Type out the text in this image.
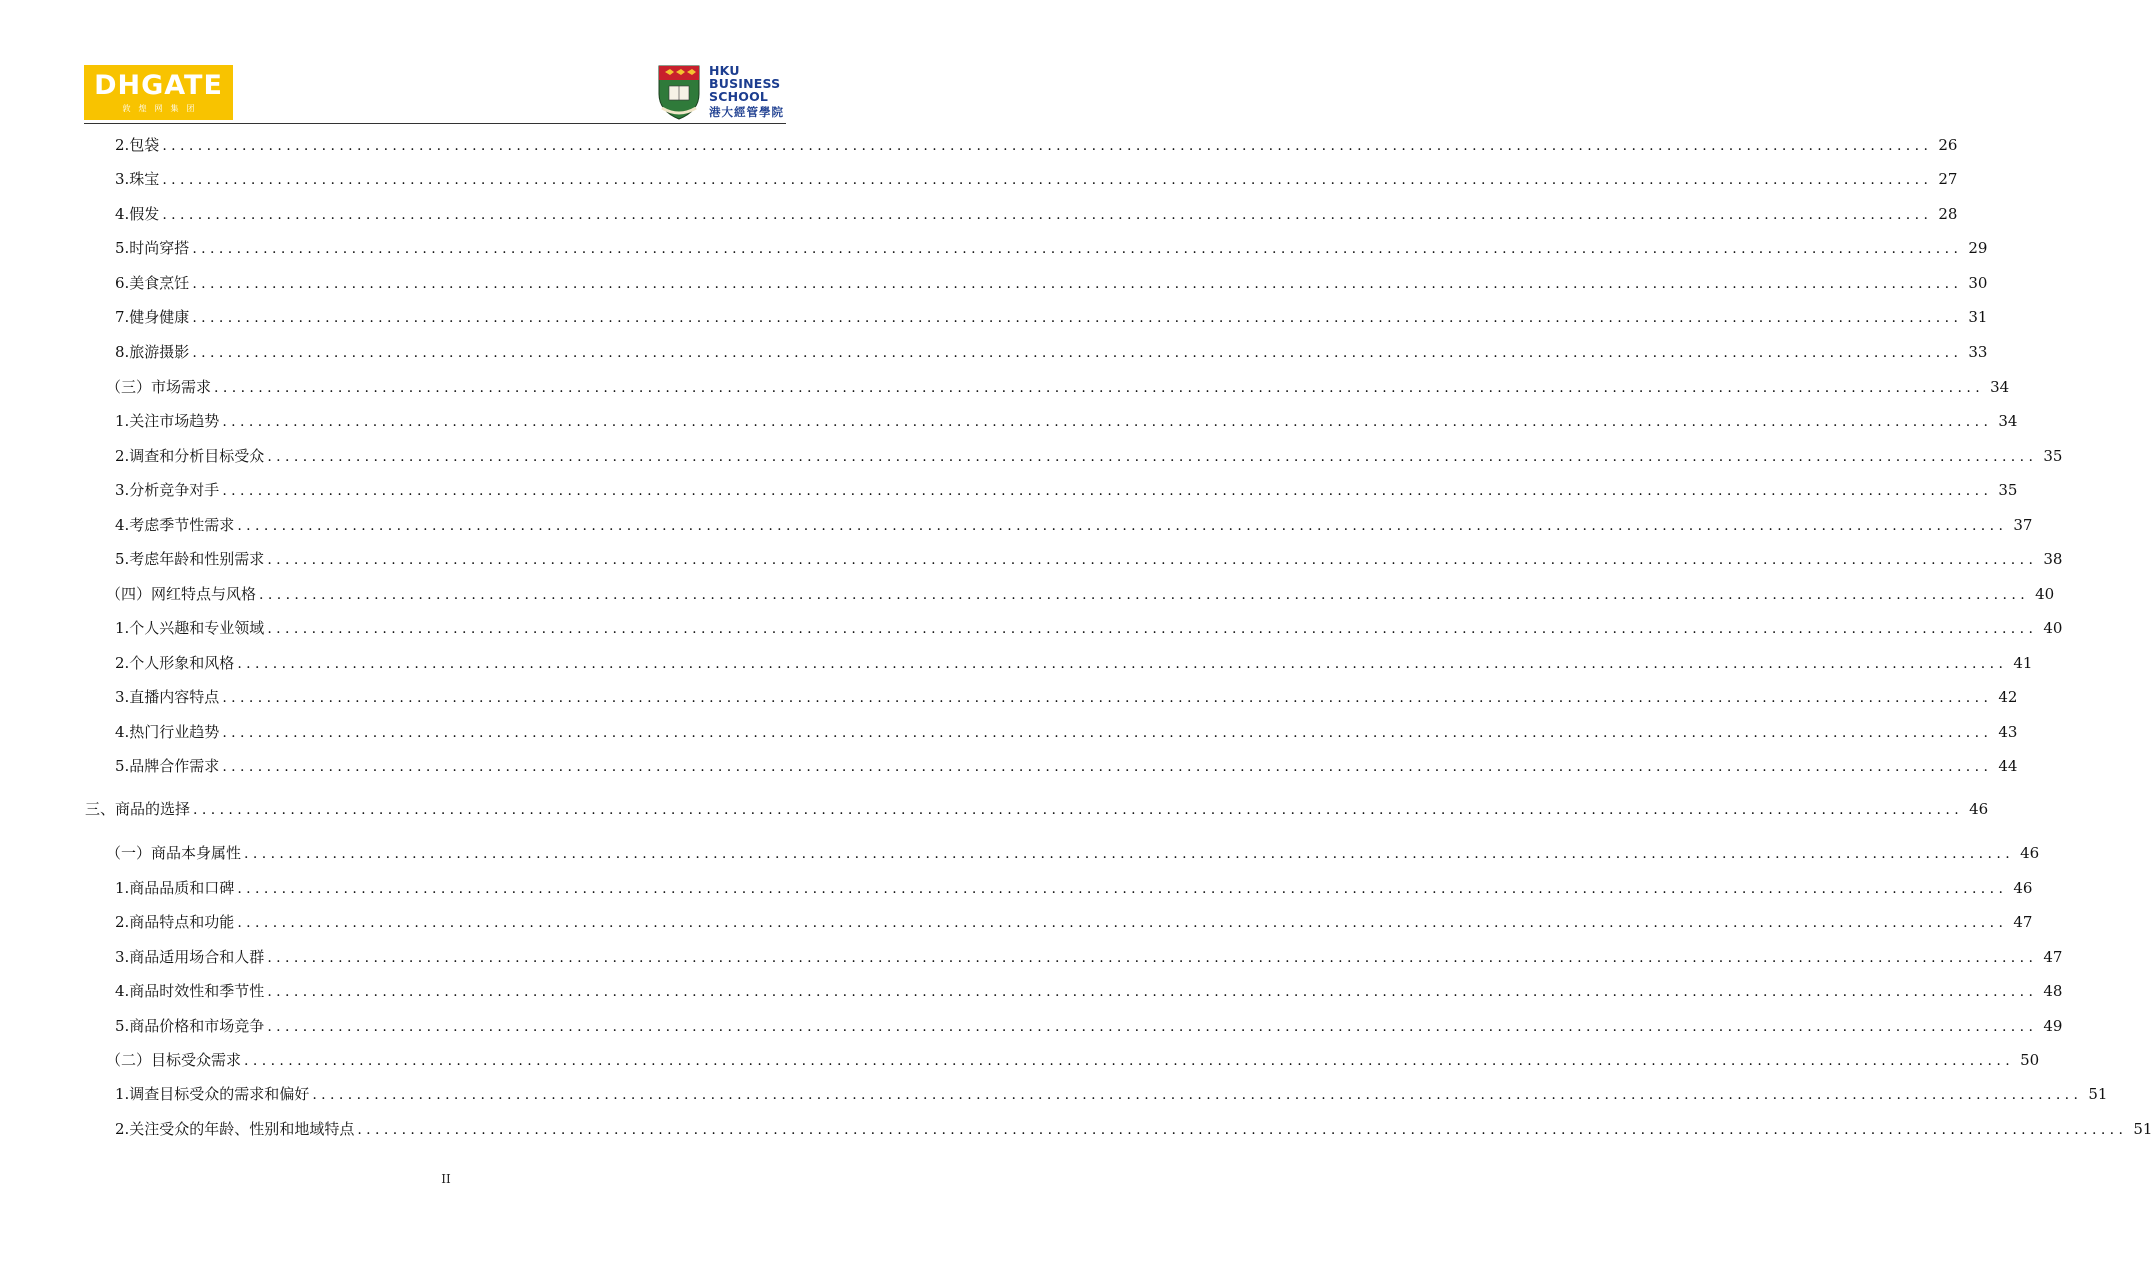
DHGATE
敦煌网集团
HKU
BUSINESS
SCHOOL
港大經管學院
2.包袋 ........................................................................................................................................................................................................ 26
3.珠宝 ........................................................................................................................................................................................................ 27
4.假发 ........................................................................................................................................................................................................ 28
5.时尚穿搭 ........................................................................................................................................................................................................ 29
6.美食烹饪 ........................................................................................................................................................................................................ 30
7.健身健康 ........................................................................................................................................................................................................ 31
8.旅游摄影 ........................................................................................................................................................................................................ 33
（三）市场需求 ........................................................................................................................................................................................................ 34
1.关注市场趋势 ........................................................................................................................................................................................................ 34
2.调查和分析目标受众 ........................................................................................................................................................................................................ 35
3.分析竞争对手 ........................................................................................................................................................................................................ 35
4.考虑季节性需求 ........................................................................................................................................................................................................ 37
5.考虑年龄和性别需求 ........................................................................................................................................................................................................ 38
（四）网红特点与风格 ........................................................................................................................................................................................................ 40
1.个人兴趣和专业领域 ........................................................................................................................................................................................................ 40
2.个人形象和风格 ........................................................................................................................................................................................................ 41
3.直播内容特点 ........................................................................................................................................................................................................ 42
4.热门行业趋势 ........................................................................................................................................................................................................ 43
5.品牌合作需求 ........................................................................................................................................................................................................ 44
三、商品的选择 ........................................................................................................................................................................................................ 46
（一）商品本身属性 ........................................................................................................................................................................................................ 46
1.商品品质和口碑 ........................................................................................................................................................................................................ 46
2.商品特点和功能 ........................................................................................................................................................................................................ 47
3.商品适用场合和人群 ........................................................................................................................................................................................................ 47
4.商品时效性和季节性 ........................................................................................................................................................................................................ 48
5.商品价格和市场竞争 ........................................................................................................................................................................................................ 49
（二）目标受众需求 ........................................................................................................................................................................................................ 50
1.调查目标受众的需求和偏好 ........................................................................................................................................................................................................ 51
2.关注受众的年龄、性别和地域特点 ........................................................................................................................................................................................................ 51
II
